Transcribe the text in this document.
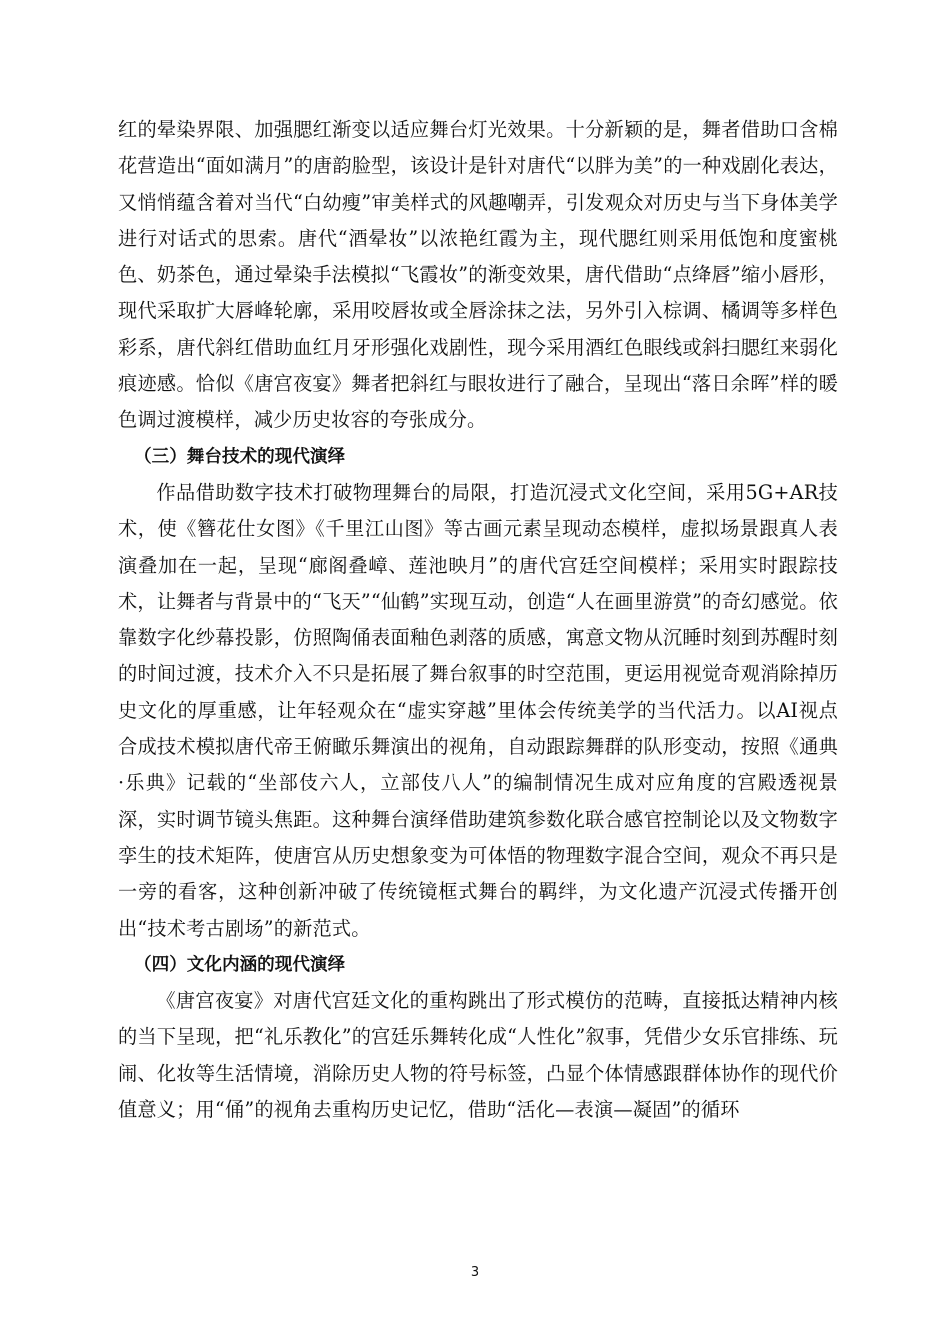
红的晕染界限、加强腮红渐变以适应舞台灯光效果。十分新颖的是，舞者借助口含棉花营造出“面如满月”的唐韵脸型，该设计是针对唐代“以胖为美”的一种戏剧化表达，又悄悄蕴含着对当代“白幼瘦”审美样式的风趣嘲弄，引发观众对历史与当下身体美学进行对话式的思索。唐代“酒晕妆”以浓艳红霞为主，现代腮红则采用低饱和度蜜桃色、奶茶色，通过晕染手法模拟“飞霞妆”的渐变效果，唐代借助“点绛唇”缩小唇形，现代采取扩大唇峰轮廓，采用咬唇妆或全唇涂抹之法，另外引入棕调、橘调等多样色彩系，唐代斜红借助血红月牙形强化戏剧性，现今采用酒红色眼线或斜扫腮红来弱化痕迹感。恰似《唐宫夜宴》舞者把斜红与眼妆进行了融合，呈现出“落日余晖”样的暖色调过渡模样，减少历史妆容的夸张成分。

（三）舞台技术的现代演绎

作品借助数字技术打破物理舞台的局限，打造沉浸式文化空间，采用5G+AR技术，使《簪花仕女图》《千里江山图》等古画元素呈现动态模样，虚拟场景跟真人表演叠加在一起，呈现“廊阁叠嶂、莲池映月”的唐代宫廷空间模样；采用实时跟踪技术，让舞者与背景中的“飞天”“仙鹤”实现互动，创造“人在画里游赏”的奇幻感觉。依靠数字化纱幕投影，仿照陶俑表面釉色剥落的质感，寓意文物从沉睡时刻到苏醒时刻的时间过渡，技术介入不只是拓展了舞台叙事的时空范围，更运用视觉奇观消除掉历史文化的厚重感，让年轻观众在“虚实穿越”里体会传统美学的当代活力。以AI视点合成技术模拟唐代帝王俯瞰乐舞演出的视角，自动跟踪舞群的队形变动，按照《通典·乐典》记载的“坐部伎六人，立部伎八人”的编制情况生成对应角度的宫殿透视景深，实时调节镜头焦距。这种舞台演绎借助建筑参数化联合感官控制论以及文物数字孪生的技术矩阵，使唐宫从历史想象变为可体悟的物理数字混合空间，观众不再只是一旁的看客，这种创新冲破了传统镜框式舞台的羁绊，为文化遗产沉浸式传播开创出“技术考古剧场”的新范式。

（四）文化内涵的现代演绎

《唐宫夜宴》对唐代宫廷文化的重构跳出了形式模仿的范畴，直接抵达精神内核的当下呈现，把“礼乐教化”的宫廷乐舞转化成“人性化”叙事，凭借少女乐官排练、玩闹、化妆等生活情境，消除历史人物的符号标签，凸显个体情感跟群体协作的现代价值意义；用“俑”的视角去重构历史记忆，借助“活化—表演—凝固”的循环

3
